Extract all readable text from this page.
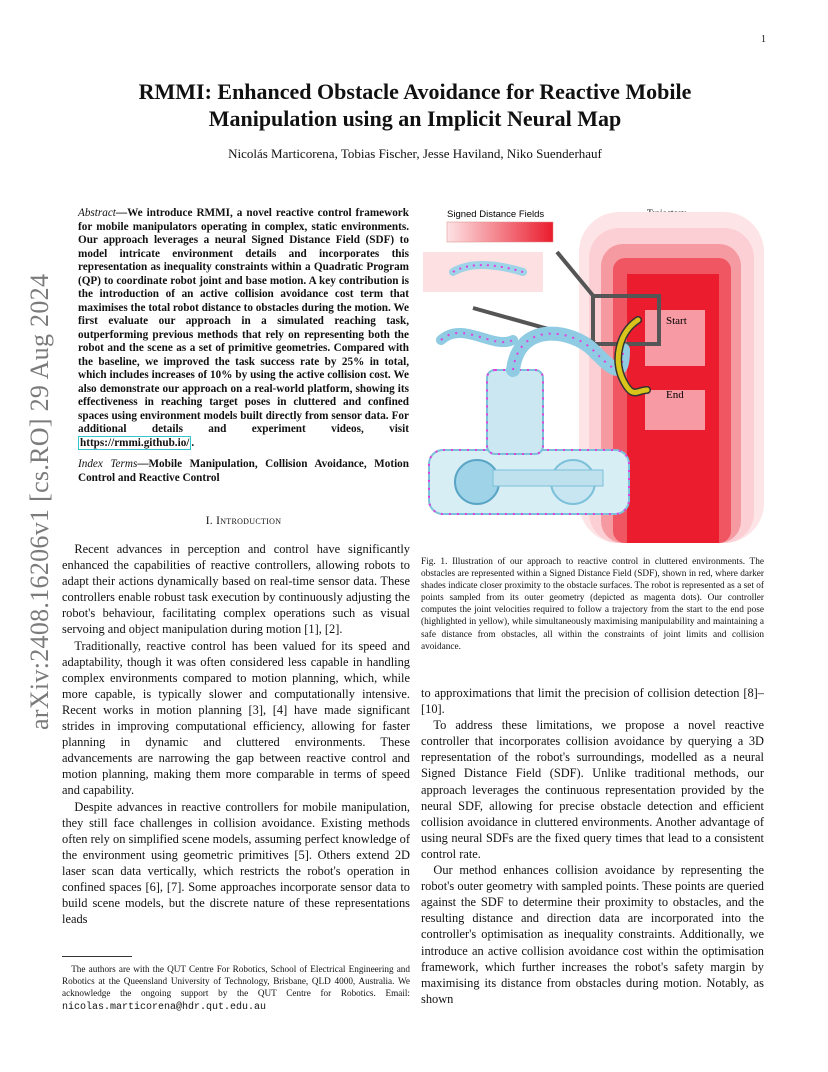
1
arXiv:2408.16206v1 [cs.RO] 29 Aug 2024
RMMI: Enhanced Obstacle Avoidance for Reactive Mobile
Manipulation using an Implicit Neural Map
Nicolás Marticorena, Tobias Fischer, Jesse Haviland, Niko Suenderhauf
Abstract—We introduce RMMI, a novel reactive control framework for mobile manipulators operating in complex, static environments. Our approach leverages a neural Signed Distance Field (SDF) to model intricate environment details and incorporates this representation as inequality constraints within a Quadratic Program (QP) to coordinate robot joint and base motion. A key contribution is the introduction of an active collision avoidance cost term that maximises the total robot distance to obstacles during the motion. We first evaluate our approach in a simulated reaching task, outperforming previous methods that rely on representing both the robot and the scene as a set of primitive geometries. Compared with the baseline, we improved the task success rate by 25% in total, which includes increases of 10% by using the active collision cost. We also demonstrate our approach on a real-world platform, showing its effectiveness in reaching target poses in cluttered and confined spaces using environment models built directly from sensor data. For additional details and experiment videos, visit https://rmmi.github.io/ .
Index Terms—Mobile Manipulation, Collision Avoidance, Motion Control and Reactive Control
I. Introduction

Recent advances in perception and control have significantly enhanced the capabilities of reactive controllers, allowing robots to adapt their actions dynamically based on real-time sensor data. These controllers enable robust task execution by continuously adjusting the robot's behaviour, facilitating complex operations such as visual servoing and object manipulation during motion [1], [2].

Traditionally, reactive control has been valued for its speed and adaptability, though it was often considered less capable in handling complex environments compared to motion planning, which, while more capable, is typically slower and computationally intensive. Recent works in motion planning [3], [4] have made significant strides in improving computational efficiency, allowing for faster planning in dynamic and cluttered environments. These advancements are narrowing the gap between reactive control and motion planning, making them more comparable in terms of speed and capability.

Despite advances in reactive controllers for mobile manipulation, they still face challenges in collision avoidance. Existing methods often rely on simplified scene models, assuming perfect knowledge of the environment using geometric primitives [5]. Others extend 2D laser scan data vertically, which restricts the robot's operation in confined spaces [6], [7]. Some approaches incorporate sensor data to build scene models, but the discrete nature of these representations leads

The authors are with the QUT Centre For Robotics, School of Electrical Engineering and Robotics at the Queensland University of Technology, Brisbane, QLD 4000, Australia. We acknowledge the ongoing support by the QUT Centre for Robotics. Email: nicolas.marticorena@hdr.qut.edu.au
Signed Distance Fields
Start
End
Fig. 1. Illustration of our approach to reactive control in cluttered environments. The obstacles are represented within a Signed Distance Field (SDF), shown in red, where darker shades indicate closer proximity to the obstacle surfaces. The robot is represented as a set of points sampled from its outer geometry (depicted as magenta dots). Our controller computes the joint velocities required to follow a trajectory from the start to the end pose (highlighted in yellow), while simultaneously maximising manipulability and maintaining a safe distance from obstacles, all within the constraints of joint limits and collision avoidance.

to approximations that limit the precision of collision detection [8]–[10].

To address these limitations, we propose a novel reactive controller that incorporates collision avoidance by querying a 3D representation of the robot's surroundings, modelled as a neural Signed Distance Field (SDF). Unlike traditional methods, our approach leverages the continuous representation provided by the neural SDF, allowing for precise obstacle detection and efficient collision avoidance in cluttered environments. Another advantage of using neural SDFs are the fixed query times that lead to a consistent control rate.

Our method enhances collision avoidance by representing the robot's outer geometry with sampled points. These points are queried against the SDF to determine their proximity to obstacles, and the resulting distance and direction data are incorporated into the controller's optimisation as inequality constraints. Additionally, we introduce an active collision avoidance cost within the optimisation framework, which further increases the robot's safety margin by maximising its distance from obstacles during motion. Notably, as shown
